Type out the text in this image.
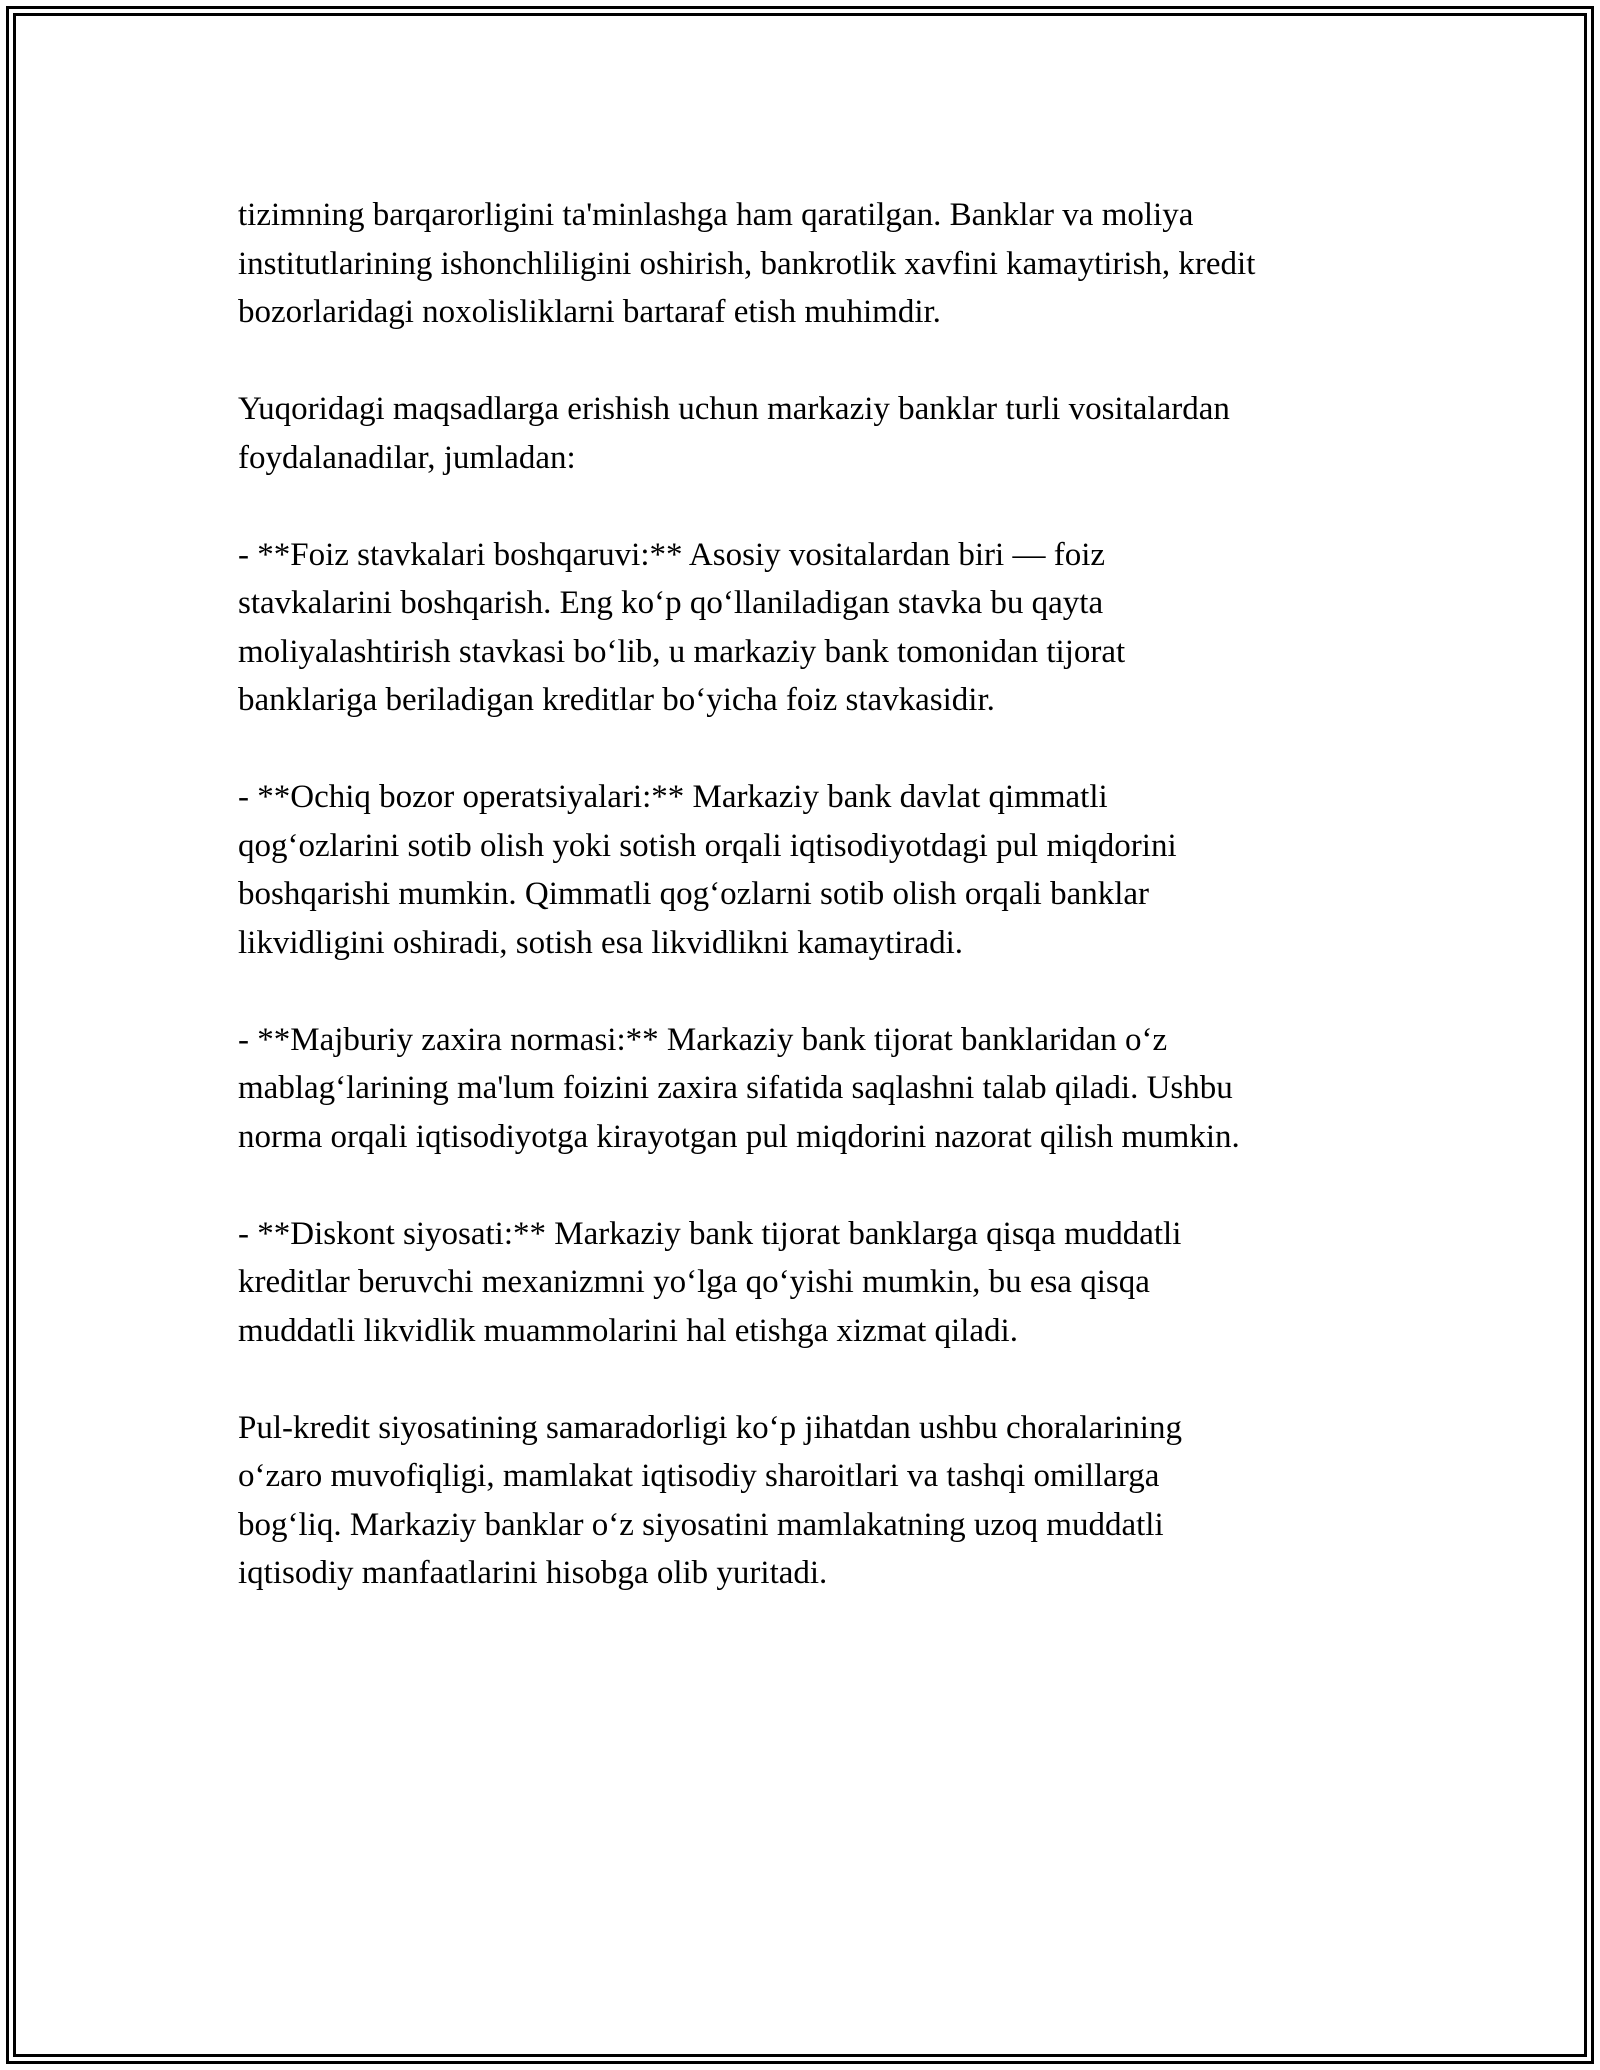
tizimning barqarorligini ta'minlashga ham qaratilgan. Banklar va moliya
institutlarining ishonchliligini oshirish, bankrotlik xavfini kamaytirish, kredit
bozorlaridagi noxolisliklarni bartaraf etish muhimdir.

Yuqoridagi maqsadlarga erishish uchun markaziy banklar turli vositalardan
foydalanadilar, jumladan:

- **Foiz stavkalari boshqaruvi:** Asosiy vositalardan biri — foiz
stavkalarini boshqarish. Eng ko‘p qo‘llaniladigan stavka bu qayta
moliyalashtirish stavkasi bo‘lib, u markaziy bank tomonidan tijorat
banklariga beriladigan kreditlar bo‘yicha foiz stavkasidir.

- **Ochiq bozor operatsiyalari:** Markaziy bank davlat qimmatli
qog‘ozlarini sotib olish yoki sotish orqali iqtisodiyotdagi pul miqdorini
boshqarishi mumkin. Qimmatli qog‘ozlarni sotib olish orqali banklar
likvidligini oshiradi, sotish esa likvidlikni kamaytiradi.

- **Majburiy zaxira normasi:** Markaziy bank tijorat banklaridan o‘z
mablag‘larining ma'lum foizini zaxira sifatida saqlashni talab qiladi. Ushbu
norma orqali iqtisodiyotga kirayotgan pul miqdorini nazorat qilish mumkin.

- **Diskont siyosati:** Markaziy bank tijorat banklarga qisqa muddatli
kreditlar beruvchi mexanizmni yo‘lga qo‘yishi mumkin, bu esa qisqa
muddatli likvidlik muammolarini hal etishga xizmat qiladi.

Pul-kredit siyosatining samaradorligi ko‘p jihatdan ushbu choralarining
o‘zaro muvofiqligi, mamlakat iqtisodiy sharoitlari va tashqi omillarga
bog‘liq. Markaziy banklar o‘z siyosatini mamlakatning uzoq muddatli
iqtisodiy manfaatlarini hisobga olib yuritadi.
